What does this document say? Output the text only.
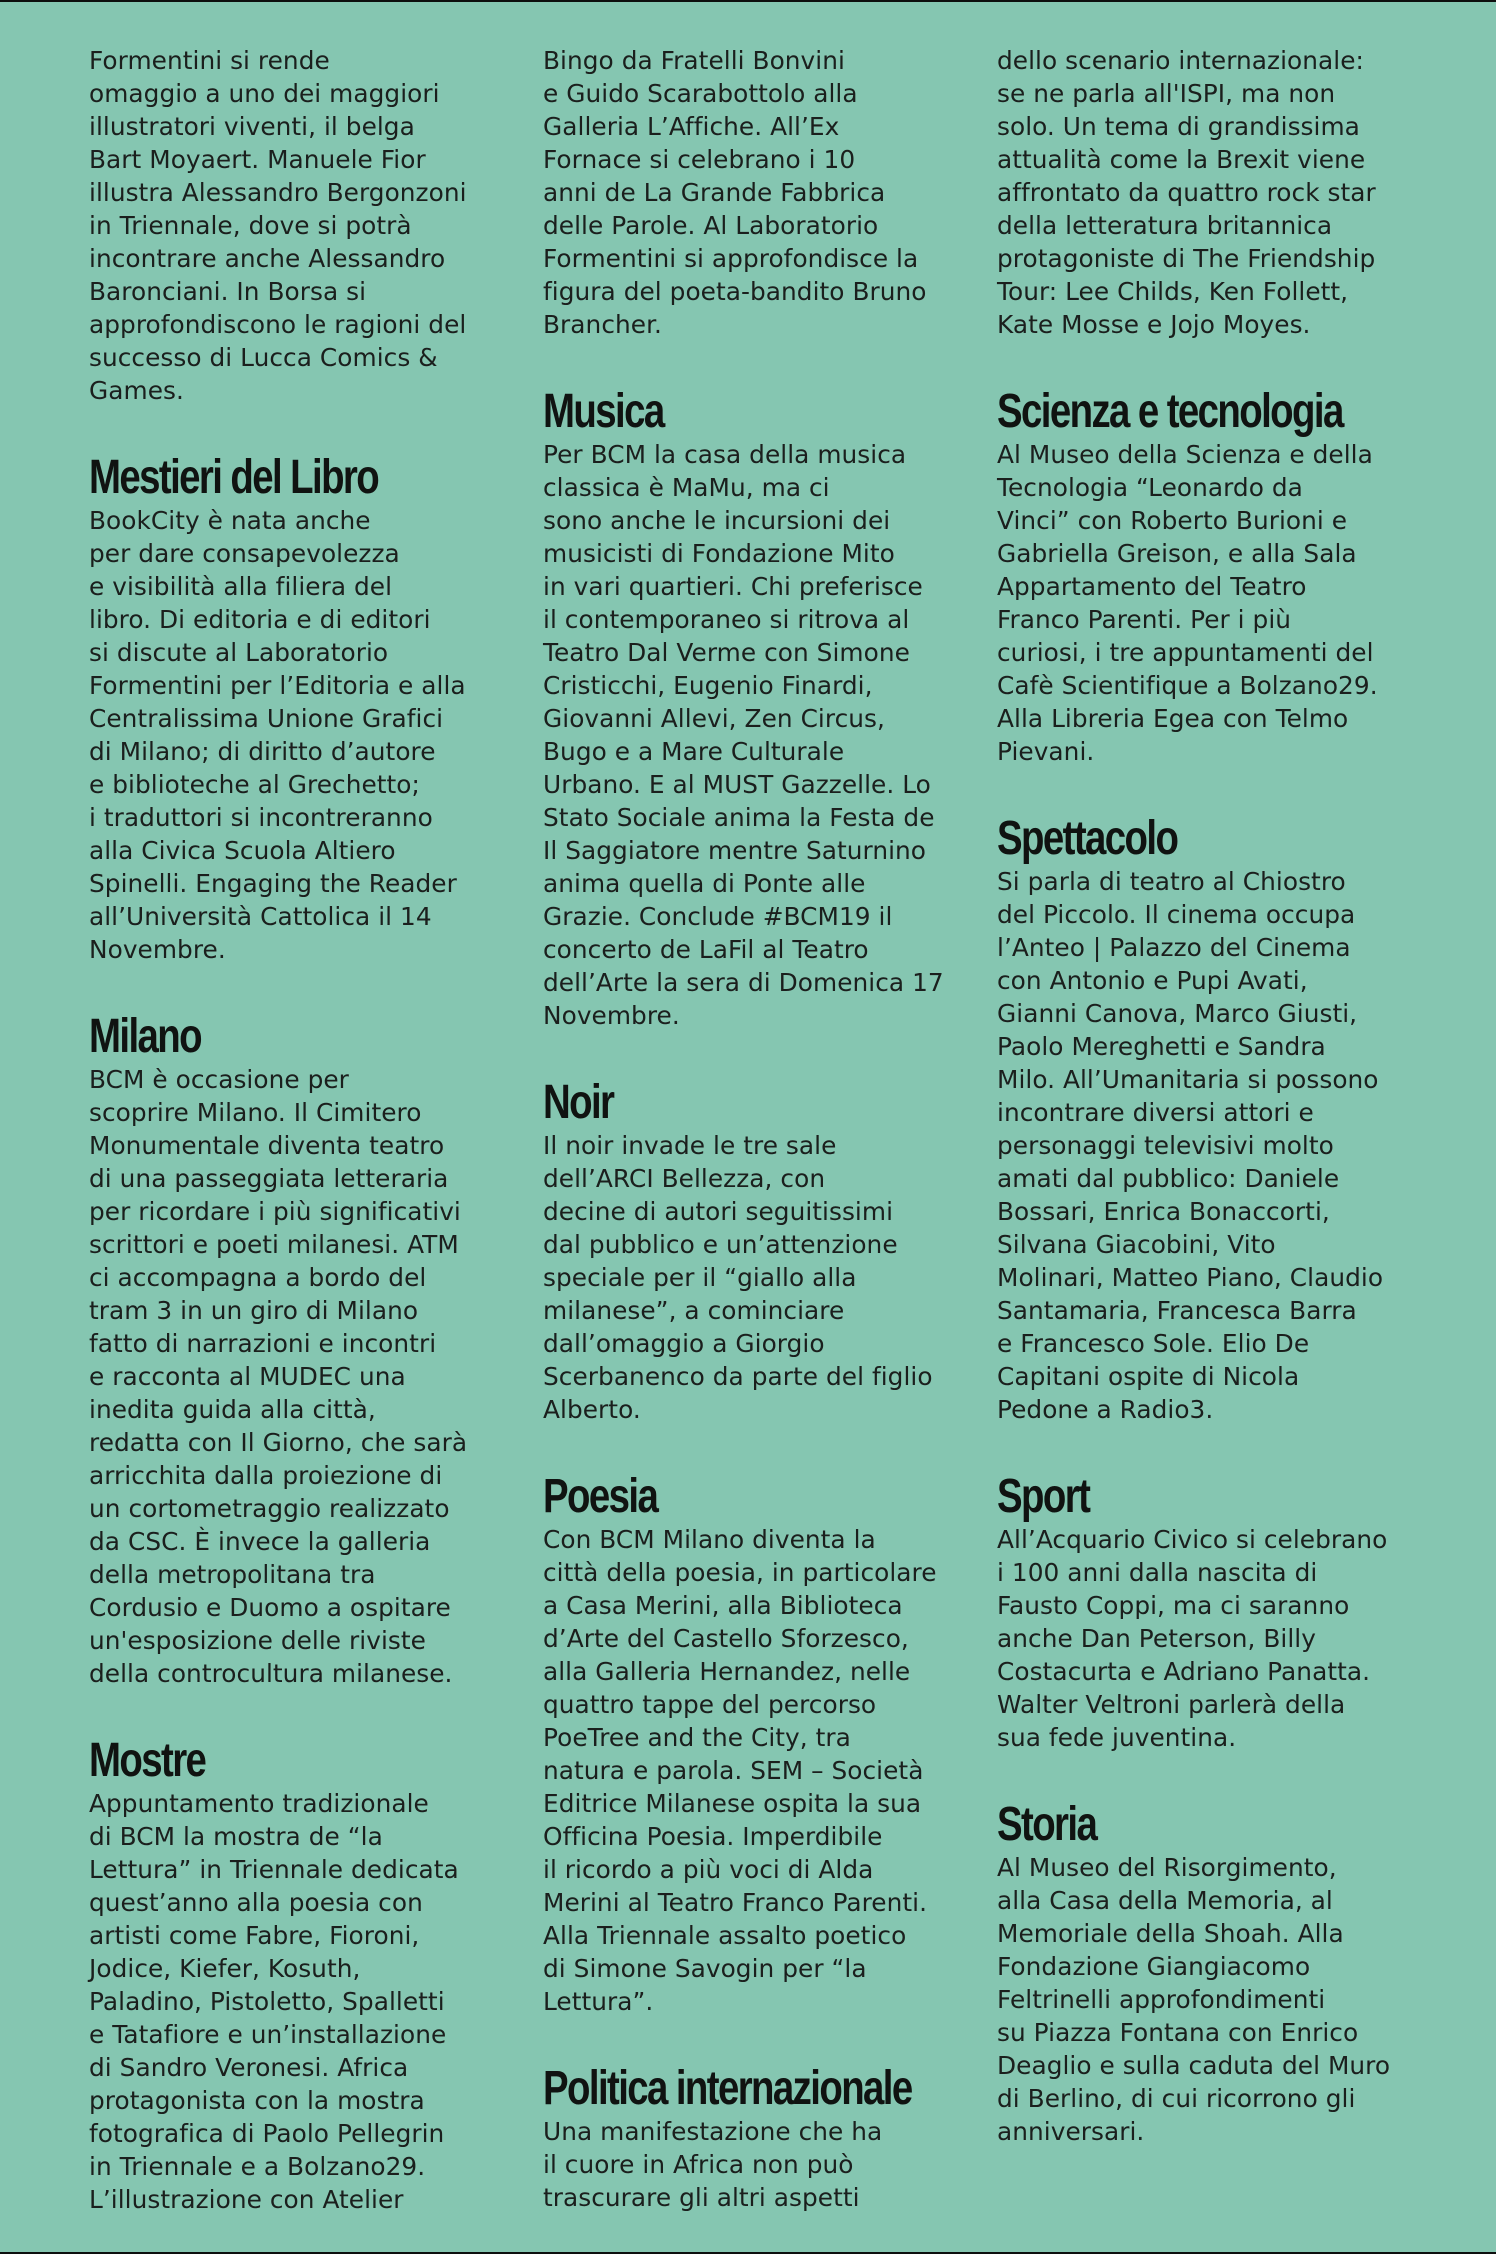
Formentini si rende
omaggio a uno dei maggiori
illustratori viventi, il belga
Bart Moyaert. Manuele Fior
illustra Alessandro Bergonzoni
in Triennale, dove si potrà
incontrare anche Alessandro
Baronciani. In Borsa si
approfondiscono le ragioni del
successo di Lucca Comics &
Games.

Mestieri del Libro

BookCity è nata anche
per dare consapevolezza
e visibilità alla filiera del
libro. Di editoria e di editori
si discute al Laboratorio
Formentini per l’Editoria e alla
Centralissima Unione Grafici
di Milano; di diritto d’autore
e biblioteche al Grechetto;
i traduttori si incontreranno
alla Civica Scuola Altiero
Spinelli. Engaging the Reader
all’Università Cattolica il 14
Novembre.

Milano

BCM è occasione per
scoprire Milano. Il Cimitero
Monumentale diventa teatro
di una passeggiata letteraria
per ricordare i più significativi
scrittori e poeti milanesi. ATM
ci accompagna a bordo del
tram 3 in un giro di Milano
fatto di narrazioni e incontri
e racconta al MUDEC una
inedita guida alla città,
redatta con Il Giorno, che sarà
arricchita dalla proiezione di
un cortometraggio realizzato
da CSC. È invece la galleria
della metropolitana tra
Cordusio e Duomo a ospitare
un'esposizione delle riviste
della controcultura milanese.

Mostre

Appuntamento tradizionale
di BCM la mostra de “la
Lettura” in Triennale dedicata
quest’anno alla poesia con
artisti come Fabre, Fioroni,
Jodice, Kiefer, Kosuth,
Paladino, Pistoletto, Spalletti
e Tatafiore e un’installazione
di Sandro Veronesi. Africa
protagonista con la mostra
fotografica di Paolo Pellegrin
in Triennale e a Bolzano29.
L’illustrazione con Atelier

Bingo da Fratelli Bonvini
e Guido Scarabottolo alla
Galleria L’Affiche. All’Ex
Fornace si celebrano i 10
anni de La Grande Fabbrica
delle Parole. Al Laboratorio
Formentini si approfondisce la
figura del poeta-bandito Bruno
Brancher.

Musica

Per BCM la casa della musica
classica è MaMu, ma ci
sono anche le incursioni dei
musicisti di Fondazione Mito
in vari quartieri. Chi preferisce
il contemporaneo si ritrova al
Teatro Dal Verme con Simone
Cristicchi, Eugenio Finardi,
Giovanni Allevi, Zen Circus,
Bugo e a Mare Culturale
Urbano. E al MUST Gazzelle. Lo
Stato Sociale anima la Festa de
Il Saggiatore mentre Saturnino
anima quella di Ponte alle
Grazie. Conclude #BCM19 il
concerto de LaFil al Teatro
dell’Arte la sera di Domenica 17
Novembre.

Noir

Il noir invade le tre sale
dell’ARCI Bellezza, con
decine di autori seguitissimi
dal pubblico e un’attenzione
speciale per il “giallo alla
milanese”, a cominciare
dall’omaggio a Giorgio
Scerbanenco da parte del figlio
Alberto.

Poesia

Con BCM Milano diventa la
città della poesia, in particolare
a Casa Merini, alla Biblioteca
d’Arte del Castello Sforzesco,
alla Galleria Hernandez, nelle
quattro tappe del percorso
PoeTree and the City, tra
natura e parola. SEM – Società
Editrice Milanese ospita la sua
Officina Poesia. Imperdibile
il ricordo a più voci di Alda
Merini al Teatro Franco Parenti.
Alla Triennale assalto poetico
di Simone Savogin per “la
Lettura”.

Politica internazionale

Una manifestazione che ha
il cuore in Africa non può
trascurare gli altri aspetti

dello scenario internazionale:
se ne parla all'ISPI, ma non
solo. Un tema di grandissima
attualità come la Brexit viene
affrontato da quattro rock star
della letteratura britannica
protagoniste di The Friendship
Tour: Lee Childs, Ken Follett,
Kate Mosse e Jojo Moyes.

Scienza e tecnologia

Al Museo della Scienza e della
Tecnologia “Leonardo da
Vinci” con Roberto Burioni e
Gabriella Greison, e alla Sala
Appartamento del Teatro
Franco Parenti. Per i più
curiosi, i tre appuntamenti del
Cafè Scientifique a Bolzano29.
Alla Libreria Egea con Telmo
Pievani.

Spettacolo

Si parla di teatro al Chiostro
del Piccolo. Il cinema occupa
l’Anteo | Palazzo del Cinema
con Antonio e Pupi Avati,
Gianni Canova, Marco Giusti,
Paolo Mereghetti e Sandra
Milo. All’Umanitaria si possono
incontrare diversi attori e
personaggi televisivi molto
amati dal pubblico: Daniele
Bossari, Enrica Bonaccorti,
Silvana Giacobini, Vito
Molinari, Matteo Piano, Claudio
Santamaria, Francesca Barra
e Francesco Sole. Elio De
Capitani ospite di Nicola
Pedone a Radio3.

Sport

All’Acquario Civico si celebrano
i 100 anni dalla nascita di
Fausto Coppi, ma ci saranno
anche Dan Peterson, Billy
Costacurta e Adriano Panatta.
Walter Veltroni parlerà della
sua fede juventina.

Storia

Al Museo del Risorgimento,
alla Casa della Memoria, al
Memoriale della Shoah. Alla
Fondazione Giangiacomo
Feltrinelli approfondimenti
su Piazza Fontana con Enrico
Deaglio e sulla caduta del Muro
di Berlino, di cui ricorrono gli
anniversari.
